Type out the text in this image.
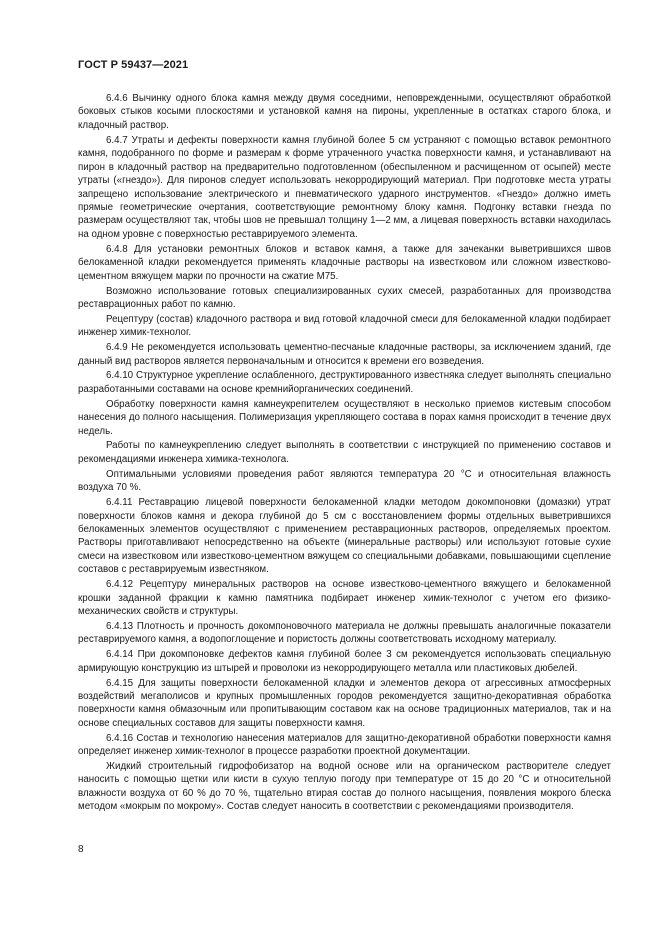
ГОСТ Р 59437—2021

6.4.6 Вычинку одного блока камня между двумя соседними, неповрежденными, осуществляют обработкой боковых стыков косыми плоскостями и установкой камня на пироны, укрепленные в остатках старого блока, и кладочный раствор.

6.4.7 Утраты и дефекты поверхности камня глубиной более 5 см устраняют с помощью вставок ремонтного камня, подобранного по форме и размерам к форме утраченного участка поверхности камня, и устанавливают на пирон в кладочный раствор на предварительно подготовленном (обеспыленном и расчищенном от осыпей) месте утраты («гнездо»). Для пиронов следует использовать некорродирующий материал. При подготовке места утраты запрещено использование электрического и пневматического ударного инструментов. «Гнездо» должно иметь прямые геометрические очертания, соответствующие ремонтному блоку камня. Подгонку вставки гнезда по размерам осуществляют так, чтобы шов не превышал толщину 1—2 мм, а лицевая поверхность вставки находилась на одном уровне с поверхностью реставрируемого элемента.

6.4.8 Для установки ремонтных блоков и вставок камня, а также для зачеканки выветрившихся швов белокаменной кладки рекомендуется применять кладочные растворы на известковом или сложном известково-цементном вяжущем марки по прочности на сжатие М75.

Возможно использование готовых специализированных сухих смесей, разработанных для производства реставрационных работ по камню.

Рецептуру (состав) кладочного раствора и вид готовой кладочной смеси для белокаменной кладки подбирает инженер химик-технолог.

6.4.9 Не рекомендуется использовать цементно-песчаные кладочные растворы, за исключением зданий, где данный вид растворов является первоначальным и относится к времени его возведения.

6.4.10 Структурное укрепление ослабленного, деструктированного известняка следует выполнять специально разработанными составами на основе кремнийорганических соединений.

Обработку поверхности камня камнеукрепителем осуществляют в несколько приемов кистевым способом нанесения до полного насыщения. Полимеризация укрепляющего состава в порах камня происходит в течение двух недель.

Работы по камнеукреплению следует выполнять в соответствии с инструкцией по применению составов и рекомендациями инженера химика-технолога.

Оптимальными условиями проведения работ являются температура 20 °С и относительная влажность воздуха 70 %.

6.4.11 Реставрацию лицевой поверхности белокаменной кладки методом докомпоновки (домазки) утрат поверхности блоков камня и декора глубиной до 5 см с восстановлением формы отдельных выветрившихся белокаменных элементов осуществляют с применением реставрационных растворов, определяемых проектом. Растворы приготавливают непосредственно на объекте (минеральные растворы) или используют готовые сухие смеси на известковом или известково-цементном вяжущем со специальными добавками, повышающими сцепление составов с реставрируемым известняком.

6.4.12 Рецептуру минеральных растворов на основе известково-цементного вяжущего и белокаменной крошки заданной фракции к камню памятника подбирает инженер химик-технолог с учетом его физико-механических свойств и структуры.

6.4.13 Плотность и прочность докомпоновочного материала не должны превышать аналогичные показатели реставрируемого камня, а водопоглощение и пористость должны соответствовать исходному материалу.

6.4.14 При докомпоновке дефектов камня глубиной более 3 см рекомендуется использовать специальную армирующую конструкцию из штырей и проволоки из некорродирующего металла или пластиковых дюбелей.

6.4.15 Для защиты поверхности белокаменной кладки и элементов декора от агрессивных атмосферных воздействий мегаполисов и крупных промышленных городов рекомендуется защитно-декоративная обработка поверхности камня обмазочным или пропитывающим составом как на основе традиционных материалов, так и на основе специальных составов для защиты поверхности камня.

6.4.16 Состав и технологию нанесения материалов для защитно-декоративной обработки поверхности камня определяет инженер химик-технолог в процессе разработки проектной документации.

Жидкий строительный гидрофобизатор на водной основе или на органическом растворителе следует наносить с помощью щетки или кисти в сухую теплую погоду при температуре от 15 до 20 °С и относительной влажности воздуха от 60 % до 70 %, тщательно втирая состав до полного насыщения, появления мокрого блеска методом «мокрым по мокрому». Состав следует наносить в соответствии с рекомендациями производителя.

8
